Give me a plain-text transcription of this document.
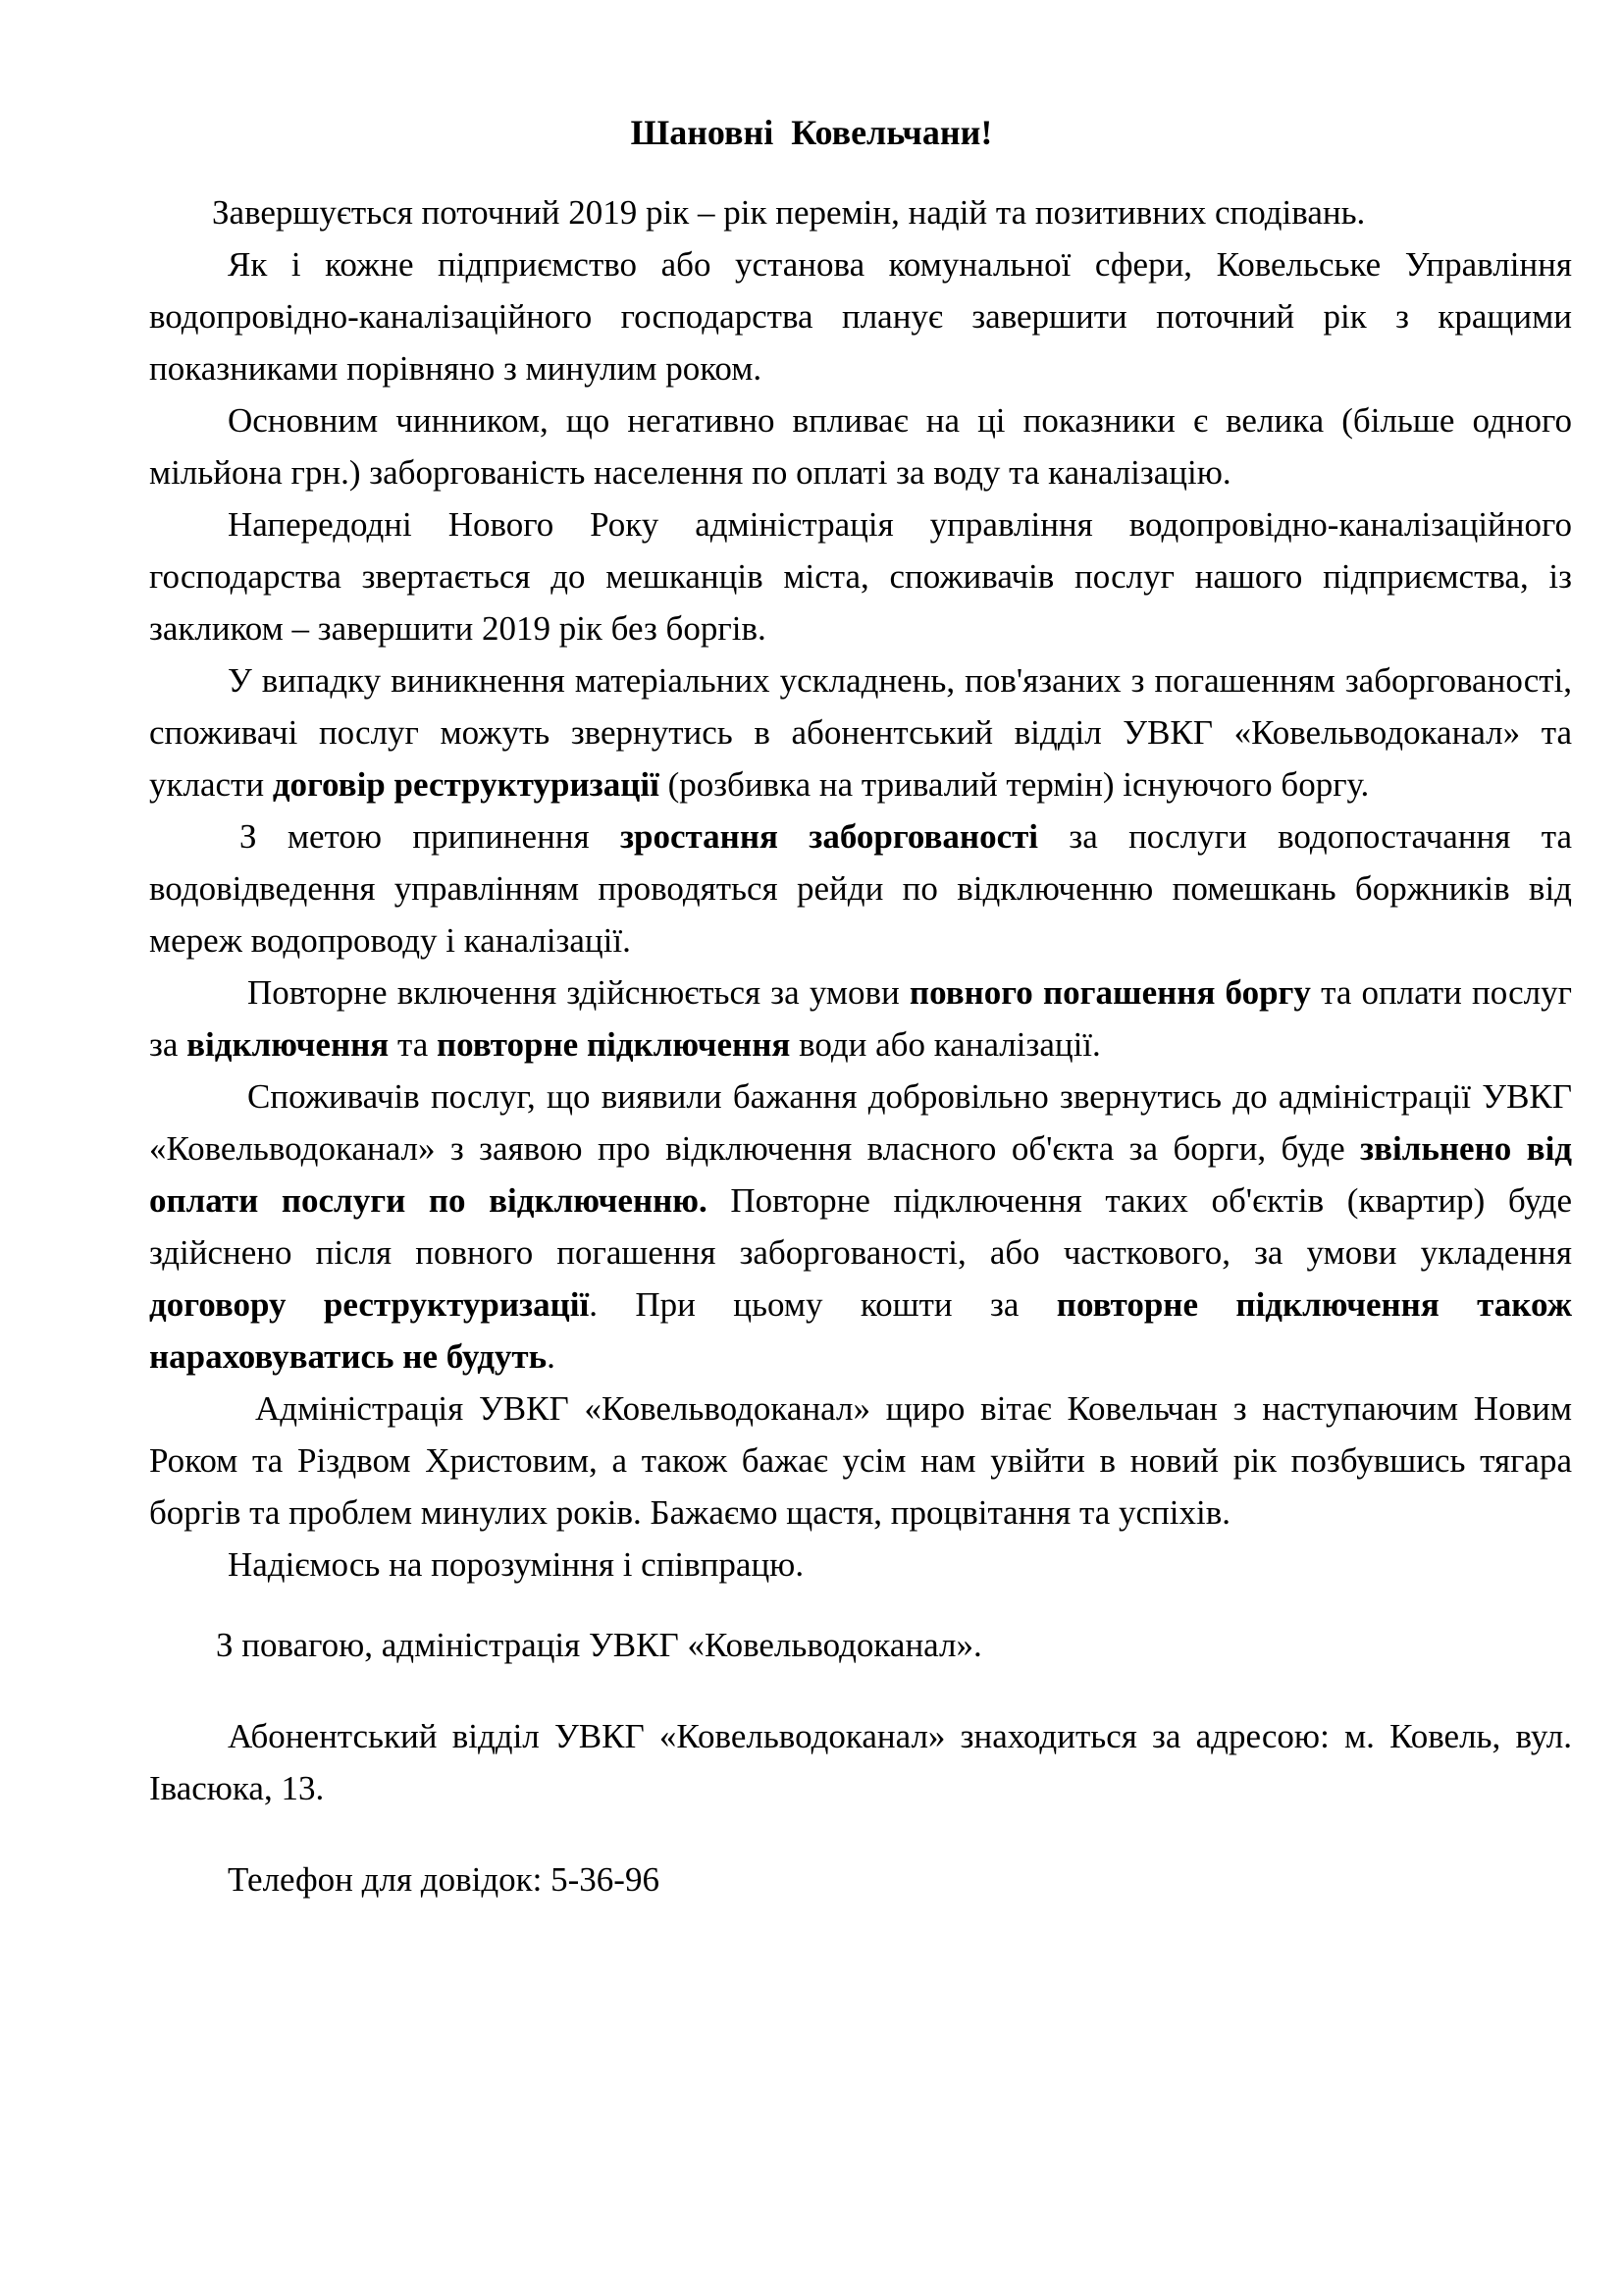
Шановні  Ковельчани!

Завершується поточний 2019 рік – рік перемін, надій та позитивних сподівань.

Як і кожне підприємство або установа комунальної сфери, Ковельське Управління водопровідно-каналізаційного господарства планує завершити поточний рік з кращими показниками порівняно з минулим роком.

Основним чинником, що негативно впливає на ці показники є велика (більше одного мільйона грн.) заборгованість населення по оплаті за воду та каналізацію.

Напередодні Нового Року адміністрація управління водопровідно-каналізаційного господарства звертається до мешканців міста, споживачів послуг нашого підприємства, із закликом – завершити 2019 рік без боргів.

У випадку виникнення матеріальних ускладнень, пов'язаних з погашенням заборгованості, споживачі послуг можуть звернутись в абонентський відділ УВКГ «Ковельводоканал» та укласти договір реструктуризації (розбивка на тривалий термін) існуючого боргу.

З метою припинення зростання заборгованості за послуги водопостачання та водовідведення управлінням проводяться рейди по відключенню помешкань боржників від мереж водопроводу і каналізації.

Повторне включення здійснюється за умови повного погашення боргу та оплати послуг за відключення та повторне підключення води або каналізації.

Споживачів послуг, що виявили бажання добровільно звернутись до адміністрації УВКГ «Ковельводоканал» з заявою про відключення власного об'єкта за борги, буде звільнено від оплати послуги по відключенню. Повторне підключення таких об'єктів (квартир) буде здійснено після повного погашення заборгованості, або часткового, за умови укладення договору реструктуризації. При цьому кошти за повторне підключення також нараховуватись не будуть.

Адміністрація УВКГ «Ковельводоканал» щиро вітає Ковельчан з наступаючим Новим Роком та Різдвом Христовим, а також бажає усім нам увійти в новий рік позбувшись тягара боргів та проблем минулих років. Бажаємо щастя, процвітання та успіхів.

Надіємось на порозуміння і співпрацю.

З повагою, адміністрація УВКГ «Ковельводоканал».

Абонентський відділ УВКГ «Ковельводоканал» знаходиться за адресою: м. Ковель, вул. Івасюка, 13.

Телефон для довідок: 5-36-96
